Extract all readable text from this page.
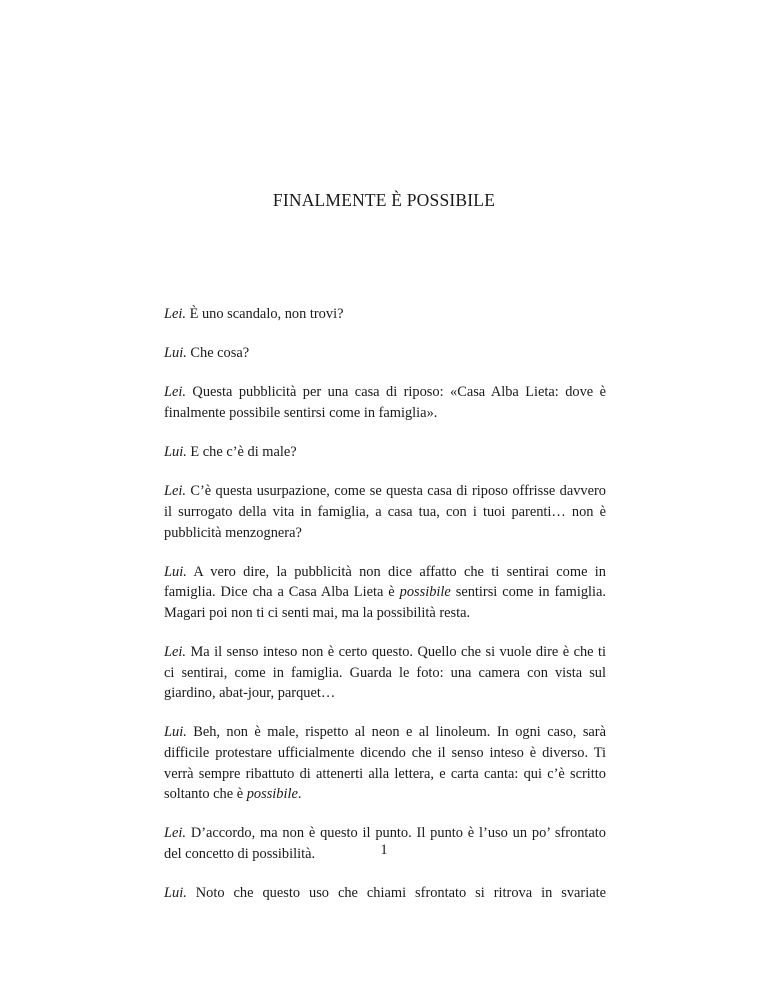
FINALMENTE È POSSIBILE

Lei. È uno scandalo, non trovi?

Lui. Che cosa?

Lei. Questa pubblicità per una casa di riposo: «Casa Alba Lieta: dove è finalmente possibile sentirsi come in famiglia».

Lui. E che c’è di male?

Lei. C’è questa usurpazione, come se questa casa di riposo offrisse davvero il surrogato della vita in famiglia, a casa tua, con i tuoi parenti… non è pubblicità menzognera?

Lui. A vero dire, la pubblicità non dice affatto che ti sentirai come in famiglia. Dice cha a Casa Alba Lieta è possibile sentirsi come in famiglia. Magari poi non ti ci senti mai, ma la possibilità resta.

Lei. Ma il senso inteso non è certo questo. Quello che si vuole dire è che ti ci sentirai, come in famiglia. Guarda le foto: una camera con vista sul giardino, abat-jour, parquet…

Lui. Beh, non è male, rispetto al neon e al linoleum. In ogni caso, sarà difficile protestare ufficialmente dicendo che il senso inteso è diverso. Ti verrà sempre ribattuto di attenerti alla lettera, e carta canta: qui c’è scritto soltanto che è possibile.

Lei. D’accordo, ma non è questo il punto. Il punto è l’uso un po’ sfrontato del concetto di possibilità.

Lui. Noto che questo uso che chiami sfrontato si ritrova in svariate

1
